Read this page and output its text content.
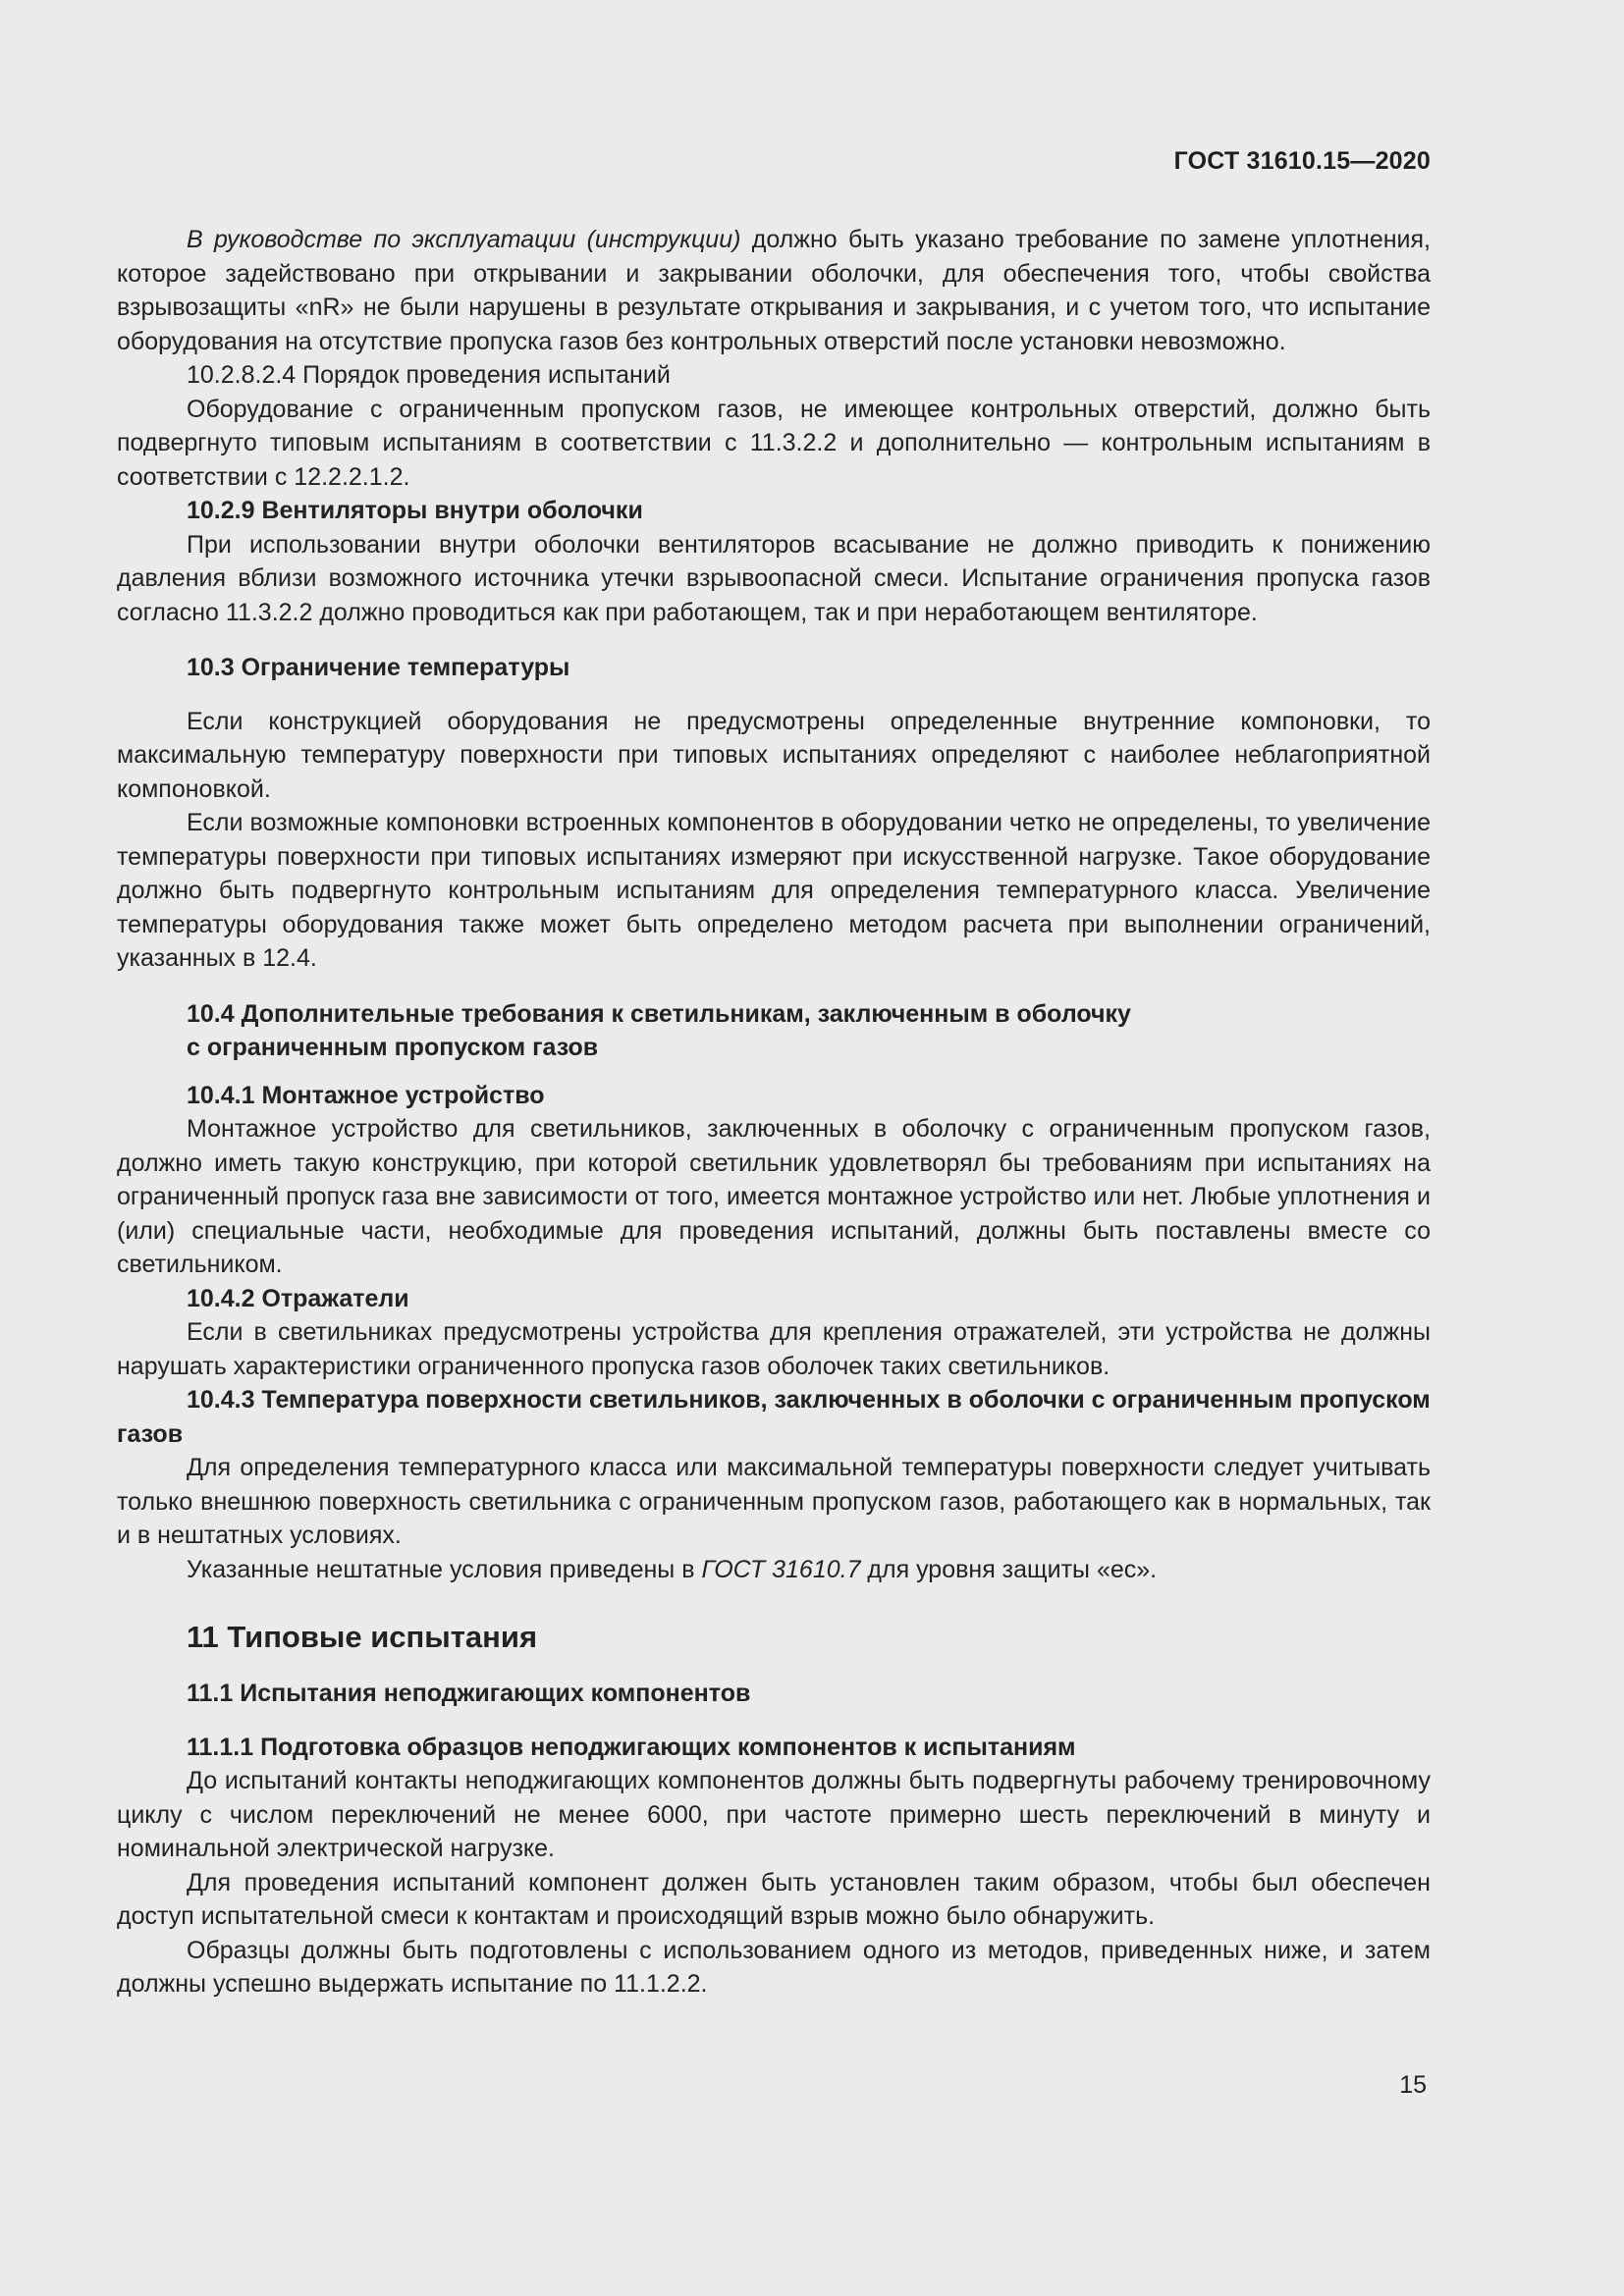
ГОСТ 31610.15—2020

В руководстве по эксплуатации (инструкции) должно быть указано требование по замене уплотнения, которое задействовано при открывании и закрывании оболочки, для обеспечения того, чтобы свойства взрывозащиты «nR» не были нарушены в результате открывания и закрывания, и с учетом того, что испытание оборудования на отсутствие пропуска газов без контрольных отверстий после установки невозможно.

10.2.8.2.4 Порядок проведения испытаний

Оборудование с ограниченным пропуском газов, не имеющее контрольных отверстий, должно быть подвергнуто типовым испытаниям в соответствии с 11.3.2.2 и дополнительно — контрольным испытаниям в соответствии с 12.2.2.1.2.

10.2.9 Вентиляторы внутри оболочки

При использовании внутри оболочки вентиляторов всасывание не должно приводить к понижению давления вблизи возможного источника утечки взрывоопасной смеси. Испытание ограничения пропуска газов согласно 11.3.2.2 должно проводиться как при работающем, так и при неработающем вентиляторе.

10.3 Ограничение температуры

Если конструкцией оборудования не предусмотрены определенные внутренние компоновки, то максимальную температуру поверхности при типовых испытаниях определяют с наиболее неблагоприятной компоновкой.

Если возможные компоновки встроенных компонентов в оборудовании четко не определены, то увеличение температуры поверхности при типовых испытаниях измеряют при искусственной нагрузке. Такое оборудование должно быть подвергнуто контрольным испытаниям для определения температурного класса. Увеличение температуры оборудования также может быть определено методом расчета при выполнении ограничений, указанных в 12.4.

10.4 Дополнительные требования к светильникам, заключенным в оболочку

с ограниченным пропуском газов

10.4.1 Монтажное устройство

Монтажное устройство для светильников, заключенных в оболочку с ограниченным пропуском газов, должно иметь такую конструкцию, при которой светильник удовлетворял бы требованиям при испытаниях на ограниченный пропуск газа вне зависимости от того, имеется монтажное устройство или нет. Любые уплотнения и (или) специальные части, необходимые для проведения испытаний, должны быть поставлены вместе со светильником.

10.4.2 Отражатели

Если в светильниках предусмотрены устройства для крепления отражателей, эти устройства не должны нарушать характеристики ограниченного пропуска газов оболочек таких светильников.

10.4.3 Температура поверхности светильников, заключенных в оболочки с ограниченным пропуском газов

Для определения температурного класса или максимальной температуры поверхности следует учитывать только внешнюю поверхность светильника с ограниченным пропуском газов, работающего как в нормальных, так и в нештатных условиях.

Указанные нештатные условия приведены в ГОСТ 31610.7 для уровня защиты «ec».

11 Типовые испытания

11.1 Испытания неподжигающих компонентов

11.1.1 Подготовка образцов неподжигающих компонентов к испытаниям

До испытаний контакты неподжигающих компонентов должны быть подвергнуты рабочему тренировочному циклу с числом переключений не менее 6000, при частоте примерно шесть переключений в минуту и номинальной электрической нагрузке.

Для проведения испытаний компонент должен быть установлен таким образом, чтобы был обеспечен доступ испытательной смеси к контактам и происходящий взрыв можно было обнаружить.

Образцы должны быть подготовлены с использованием одного из методов, приведенных ниже, и затем должны успешно выдержать испытание по 11.1.2.2.

15
